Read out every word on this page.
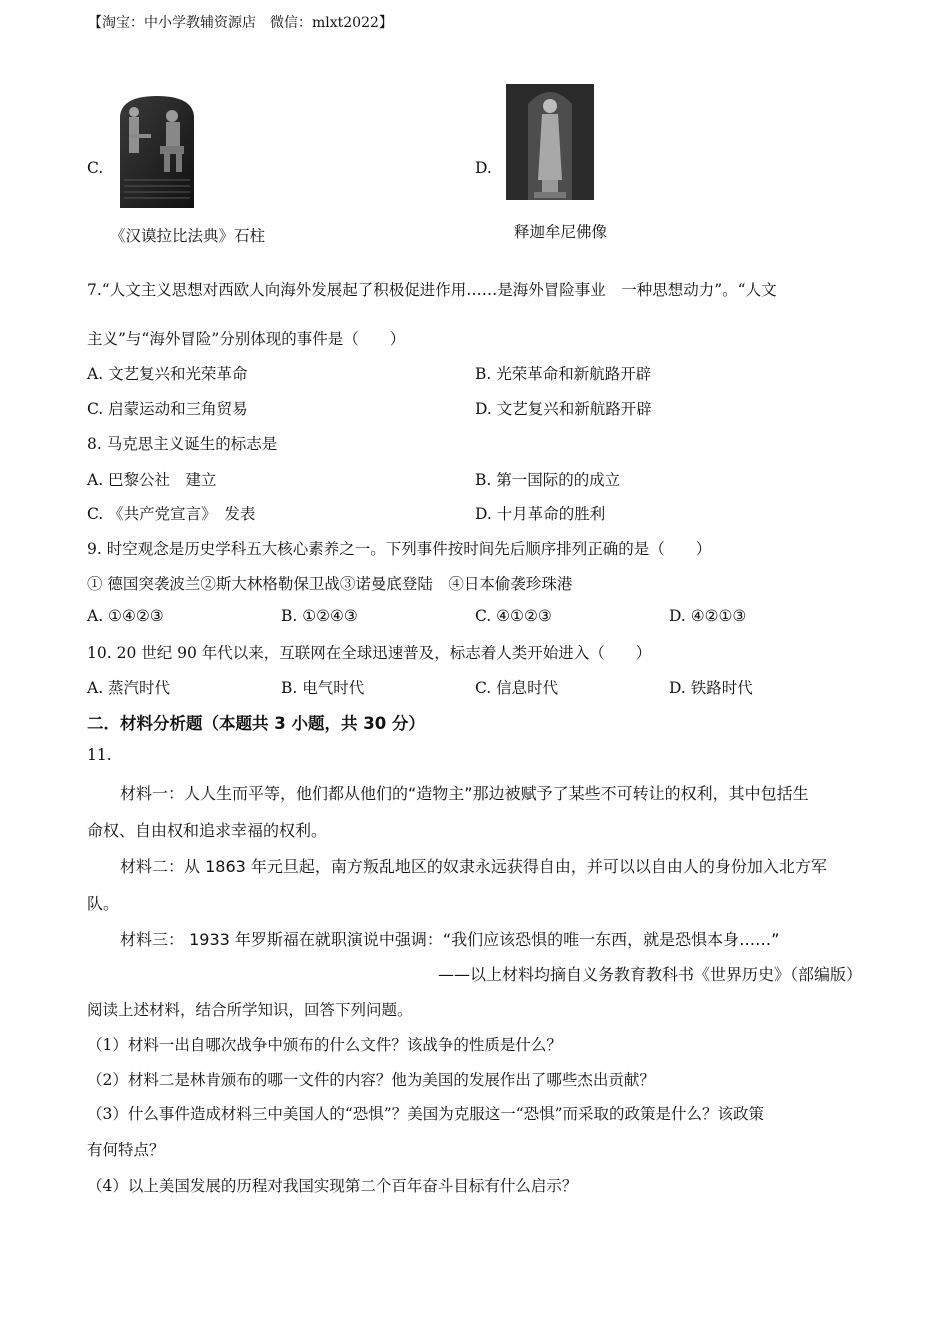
【淘宝：中小学教辅资源店　微信：mlxt2022】
C.
《汉谟拉比法典》石柱
D.
释迦牟尼佛像
7.“人文主义思想对西欧人向海外发展起了积极促进作用……是海外冒险事业　一种思想动力”。“人文
主义”与“海外冒险”分别体现的事件是（　　）
A. 文艺复兴和光荣革命	B. 光荣革命和新航路开辟
C. 启蒙运动和三角贸易	D. 文艺复兴和新航路开辟
8. 马克思主义诞生的标志是
A. 巴黎公社　建立	B. 第一国际的的成立
C. 《共产党宣言》　发表	D. 十月革命的胜利
9. 时空观念是历史学科五大核心素养之一。下列事件按时间先后顺序排列正确的是（　　）
① 德国突袭波兰②斯大林格勒保卫战③诺曼底登陆　④日本偷袭珍珠港
A. ①④②③	B. ①②④③	C. ④①②③	D. ④②①③
10. 20 世纪 90 年代以来，互联网在全球迅速普及，标志着人类开始进入（　　）
A. 蒸汽时代	B. 电气时代	C. 信息时代	D. 铁路时代
二．材料分析题（本题共 3 小题，共 30 分）
11.
材料一：人人生而平等，他们都从他们的“造物主”那边被赋予了某些不可转让的权利，其中包括生
命权、自由权和追求幸福的权利。
材料二：从 1863 年元旦起，南方叛乱地区的奴隶永远获得自由，并可以以自由人的身份加入北方军
队。
材料三： 1933 年罗斯福在就职演说中强调：“我们应该恐惧的唯一东西，就是恐惧本身……”
——以上材料均摘自义务教育教科书《世界历史》（部编版）
阅读上述材料，结合所学知识，回答下列问题。
（1）材料一出自哪次战争中颁布的什么文件？该战争的性质是什么？
（2）材料二是林肯颁布的哪一文件的内容？他为美国的发展作出了哪些杰出贡献？
（3）什么事件造成材料三中美国人的“恐惧”？美国为克服这一“恐惧”而采取的政策是什么？该政策
有何特点？
（4）以上美国发展的历程对我国实现第二个百年奋斗目标有什么启示？
